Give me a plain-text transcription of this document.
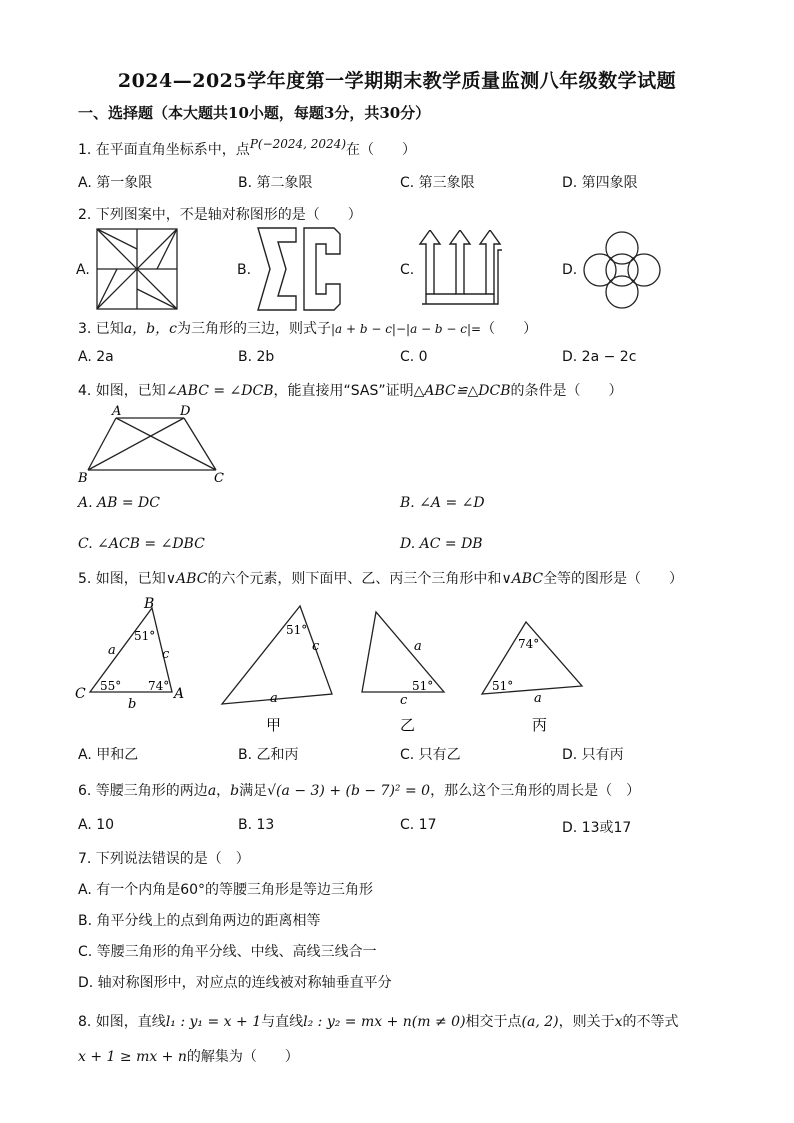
2024—2025学年度第一学期期末教学质量监测八年级数学试题
一、选择题（本大题共10小题，每题3分，共30分）
1. 在平面直角坐标系中，点P(−2024, 2024)在（　　）
A. 第一象限	B. 第二象限	C. 第三象限	D. 第四象限
2. 下列图案中，不是轴对称图形的是（　　）
A.	B.	C.	D.
3. 已知a，b，c为三角形的三边，则式子|a + b − c|−|a − b − c|=（　　）
A. 2a	B. 2b	C. 0	D. 2a − 2c
4. 如图，已知∠ABC = ∠DCB，能直接用“SAS”证明△ABC≌△DCB的条件是（　　）
A	D
B	C
A. AB = DC	B. ∠A = ∠D
C. ∠ACB = ∠DBC	D. AC = DB
5. 如图，已知∨ABC的六个元素，则下面甲、乙、丙三个三角形中和∨ABC全等的图形是（　　）
B
C	A
a	c
b
51°
55° 74°
51°
c
a
甲
a
51°
c
乙
74°
51°
a
丙
A. 甲和乙	B. 乙和丙	C. 只有乙	D. 只有丙
6. 等腰三角形的两边a，b满足√(a − 3) + (b − 7)² = 0，那么这个三角形的周长是（　）
A. 10	B. 13	C. 17	D. 13或17
7. 下列说法错误的是（　）
A. 有一个内角是60°的等腰三角形是等边三角形
B. 角平分线上的点到角两边的距离相等
C. 等腰三角形的角平分线、中线、高线三线合一
D. 轴对称图形中，对应点的连线被对称轴垂直平分
8. 如图，直线l₁ : y₁ = x + 1与直线l₂ : y₂ = mx + n(m ≠ 0)相交于点(a, 2)，则关于x的不等式
x + 1 ≥ mx + n的解集为（　　）
